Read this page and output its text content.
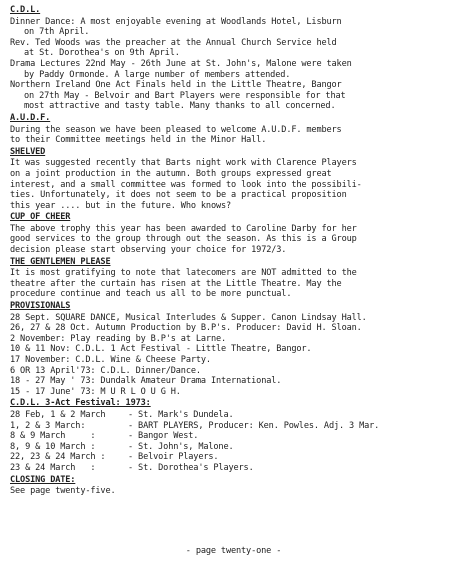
C.D.L.
Dinner Dance: A most enjoyable evening at Woodlands Hotel, Lisburn
on 7th April.
Rev. Ted Woods was the preacher at the Annual Church Service held
at St. Dorothea's on 9th April.
Drama Lectures 22nd May - 26th June at St. John's, Malone were taken
by Paddy Ormonde. A large number of members attended.
Northern Ireland One Act Finals held in the Little Theatre, Bangor
on 27th May - Belvoir and Bart Players were responsible for that
most attractive and tasty table. Many thanks to all concerned.
A.U.D.F.
During the season we have been pleased to welcome A.U.D.F. members
to their Committee meetings held in the Minor Hall.
SHELVED
It was suggested recently that Barts night work with Clarence Players
on a joint production in the autumn. Both groups expressed great
interest, and a small committee was formed to look into the possibili-
ties. Unfortunately, it does not seem to be a practical proposition
this year .... but in the future. Who knows?
CUP OF CHEER
The above trophy this year has been awarded to Caroline Darby for her
good services to the group through out the season. As this is a Group
decision please start observing your choice for 1972/3.
THE GENTLEMEN PLEASE
It is most gratifying to note that latecomers are NOT admitted to the
theatre after the curtain has risen at the Little Theatre. May the
procedure continue and teach us all to be more punctual.
PROVISIONALS
28 Sept. SQUARE DANCE, Musical Interludes & Supper. Canon Lindsay Hall.
26, 27 & 28 Oct. Autumn Production by B.P's. Producer: David H. Sloan.
2 November: Play reading by B.P's at Larne.
10 & 11 Nov: C.D.L. 1 Act Festival - Little Theatre, Bangor.
17 November: C.D.L. Wine & Cheese Party.
6 OR 13 April'73: C.D.L. Dinner/Dance.
18 - 27 May ' 73: Dundalk Amateur Drama International.
15 - 17 June' 73: M U R L O U G H.
C.D.L. 3-Act Festival: 1973:
28 Feb, 1 & 2 March	- St. Mark's Dundela.
1, 2 & 3 March:	- BART PLAYERS, Producer: Ken. Powles. Adj. 3 Mar.
8 & 9 March     :	- Bangor West.
8, 9 & 10 March :	- St. John's, Malone.
22, 23 & 24 March :	- Belvoir Players.
23 & 24 March   :	- St. Dorothea's Players.
CLOSING DATE:
See page twenty-five.
- page twenty-one -
